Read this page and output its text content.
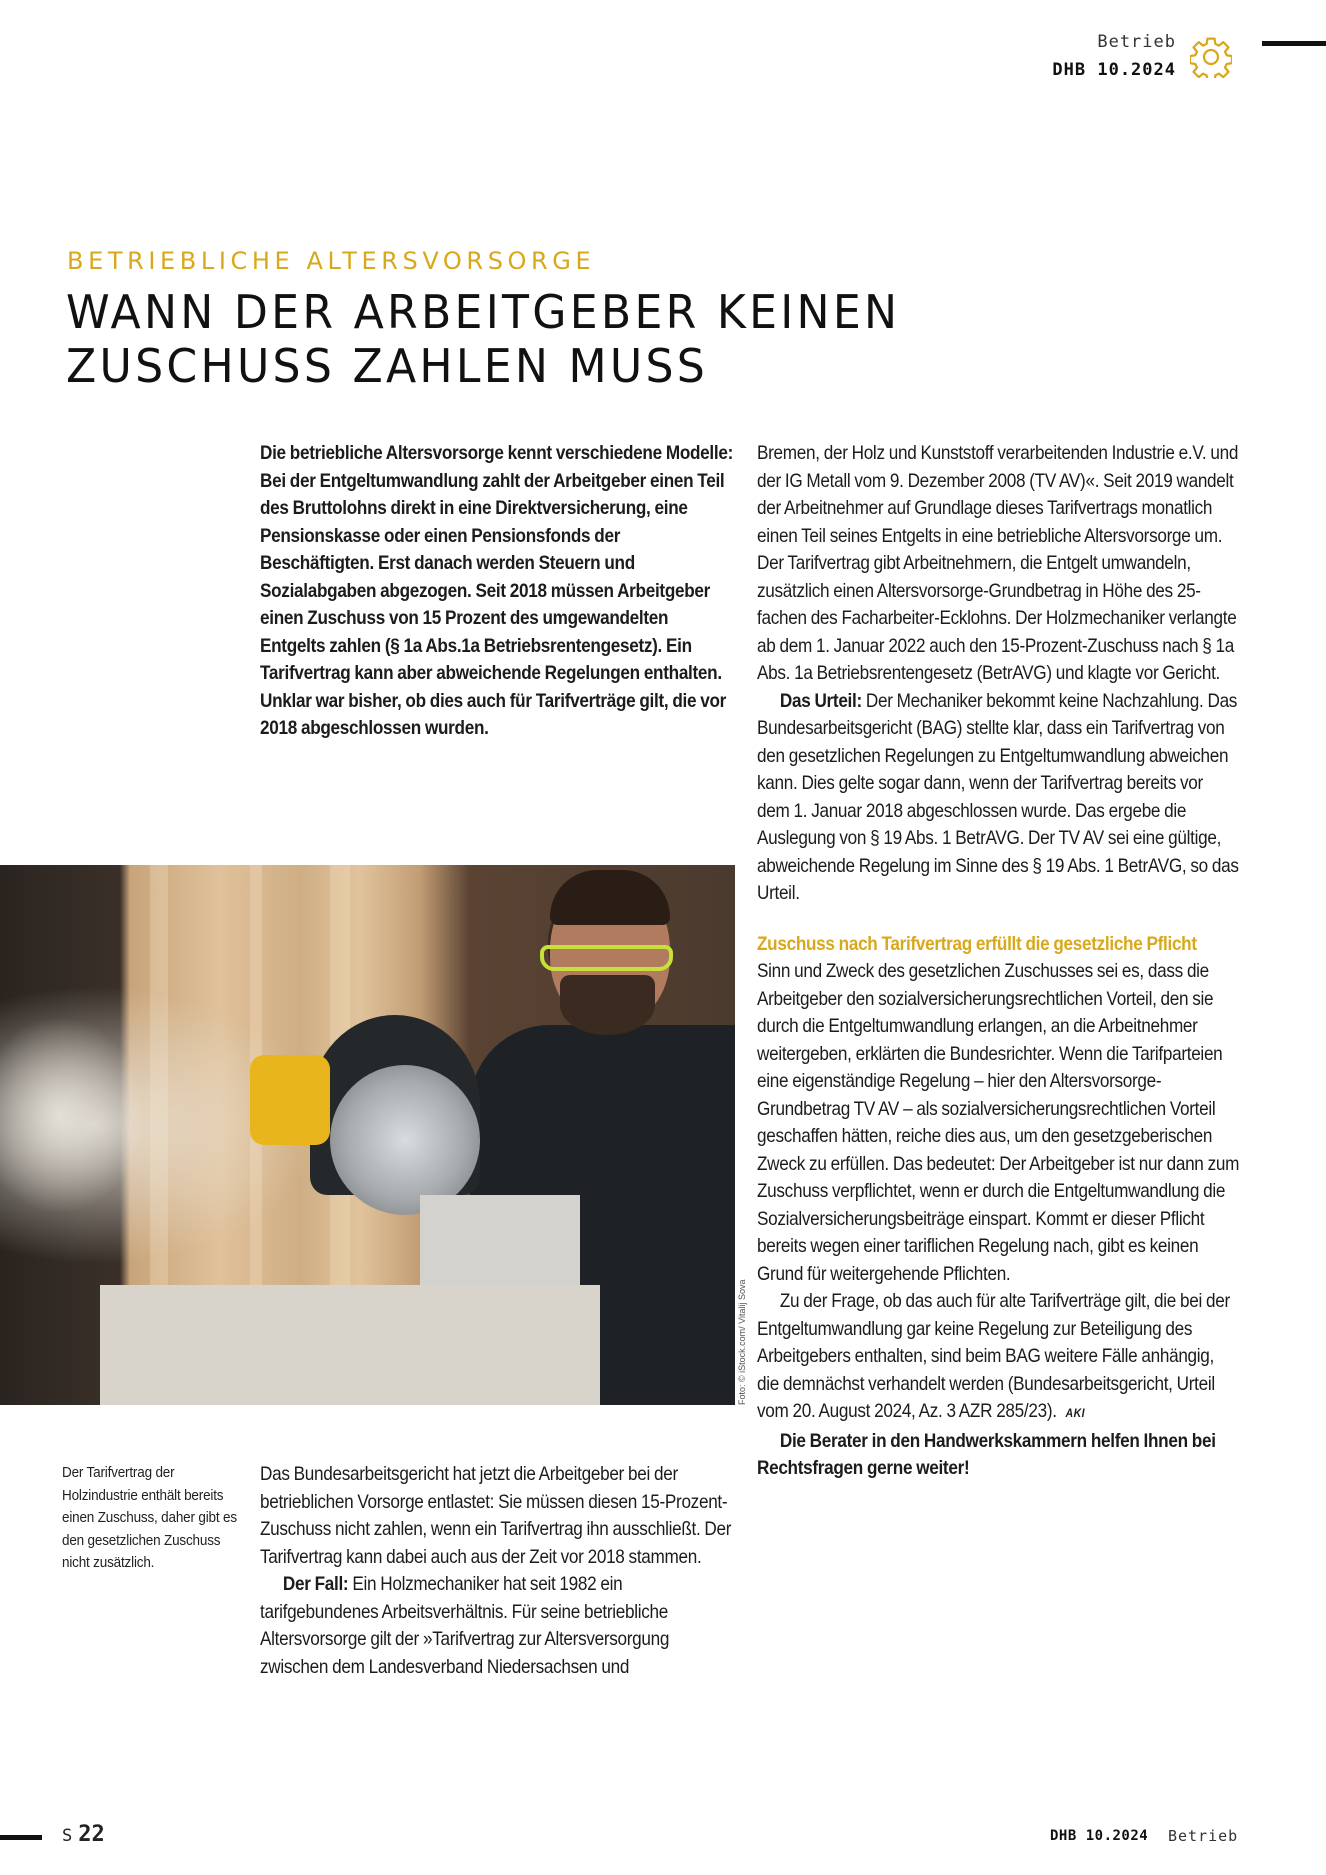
Betrieb
DHB 10.2024
BETRIEBLICHE ALTERSVORSORGE
WANN DER ARBEITGEBER KEINEN
ZUSCHUSS ZAHLEN MUSS

Die betriebliche Altersvorsorge kennt verschiedene Modelle: Bei der Entgeltumwandlung zahlt der Arbeitgeber einen Teil des Bruttolohns direkt in eine Direktversicherung, eine Pensionskasse oder einen Pensionsfonds der Beschäftigten. Erst danach werden Steuern und Sozialabgaben abgezogen. Seit 2018 müssen Arbeitgeber einen Zuschuss von 15 Prozent des umgewandelten Entgelts zahlen (§ 1a Abs.1a Betriebsrentengesetz). Ein Tarifvertrag kann aber abweichende Regelungen enthalten. Unklar war bisher, ob dies auch für Tarifverträge gilt, die vor 2018 abgeschlossen wurden.

Foto: © iStock.com/ Vitalij Sova
Der Tarifvertrag der Holzindustrie enthält bereits einen Zuschuss, daher gibt es den gesetzlichen Zuschuss nicht zusätzlich.

Das Bundesarbeitsgericht hat jetzt die Arbeitgeber bei der betrieblichen Vorsorge entlastet: Sie müssen diesen 15-Prozent-Zuschuss nicht zahlen, wenn ein Tarifvertrag ihn ausschließt. Der Tarifvertrag kann dabei auch aus der Zeit vor 2018 stammen.

Der Fall: Ein Holzmechaniker hat seit 1982 ein tarifgebundenes Arbeitsverhältnis. Für seine betriebliche Altersvorsorge gilt der »Tarifvertrag zur Altersversorgung zwischen dem Landesverband Niedersachsen und

Bremen, der Holz und Kunststoff verarbeitenden Industrie e.V. und der IG Metall vom 9. Dezember 2008 (TV AV)«. Seit 2019 wandelt der Arbeitnehmer auf Grundlage dieses Tarifvertrags monatlich einen Teil seines Entgelts in eine betriebliche Altersvorsorge um. Der Tarifvertrag gibt Arbeitnehmern, die Entgelt umwandeln, zusätzlich einen Altersvorsorge-Grundbetrag in Höhe des 25-fachen des Facharbeiter-Ecklohns. Der Holzmechaniker verlangte ab dem 1. Januar 2022 auch den 15-Prozent-Zuschuss nach § 1a Abs. 1a Betriebsrentengesetz (BetrAVG) und klagte vor Gericht.

Das Urteil: Der Mechaniker bekommt keine Nachzahlung. Das Bundesarbeitsgericht (BAG) stellte klar, dass ein Tarifvertrag von den gesetzlichen Regelungen zu Entgeltumwandlung abweichen kann. Dies gelte sogar dann, wenn der Tarifvertrag bereits vor dem 1. Januar 2018 abgeschlossen wurde. Das ergebe die Auslegung von § 19 Abs. 1 BetrAVG. Der TV AV sei eine gültige, abweichende Regelung im Sinne des § 19 Abs. 1 BetrAVG, so das Urteil.

Zuschuss nach Tarifvertrag erfüllt die gesetzliche Pflicht

Sinn und Zweck des gesetzlichen Zuschusses sei es, dass die Arbeitgeber den sozialversicherungsrechtlichen Vorteil, den sie durch die Entgeltumwandlung erlangen, an die Arbeitnehmer weitergeben, erklärten die Bundesrichter. Wenn die Tarifparteien eine eigenständige Regelung – hier den Altersvorsorge-Grundbetrag TV AV – als sozialversicherungsrechtlichen Vorteil geschaffen hätten, reiche dies aus, um den gesetzgeberischen Zweck zu erfüllen. Das bedeutet: Der Arbeitgeber ist nur dann zum Zuschuss verpflichtet, wenn er durch die Entgeltumwandlung die Sozialversicherungsbeiträge einspart. Kommt er dieser Pflicht bereits wegen einer tariflichen Regelung nach, gibt es keinen Grund für weitergehende Pflichten.

Zu der Frage, ob das auch für alte Tarifverträge gilt, die bei der Entgeltumwandlung gar keine Regelung zur Beteiligung des Arbeitgebers enthalten, sind beim BAG weitere Fälle anhängig, die demnächst verhandelt werden (Bundesarbeitsgericht, Urteil vom 20. August 2024, Az. 3 AZR 285/23). AKI

Die Berater in den Handwerkskammern helfen Ihnen bei Rechtsfragen gerne weiter!

S 22	DHB 10.2024 Betrieb
